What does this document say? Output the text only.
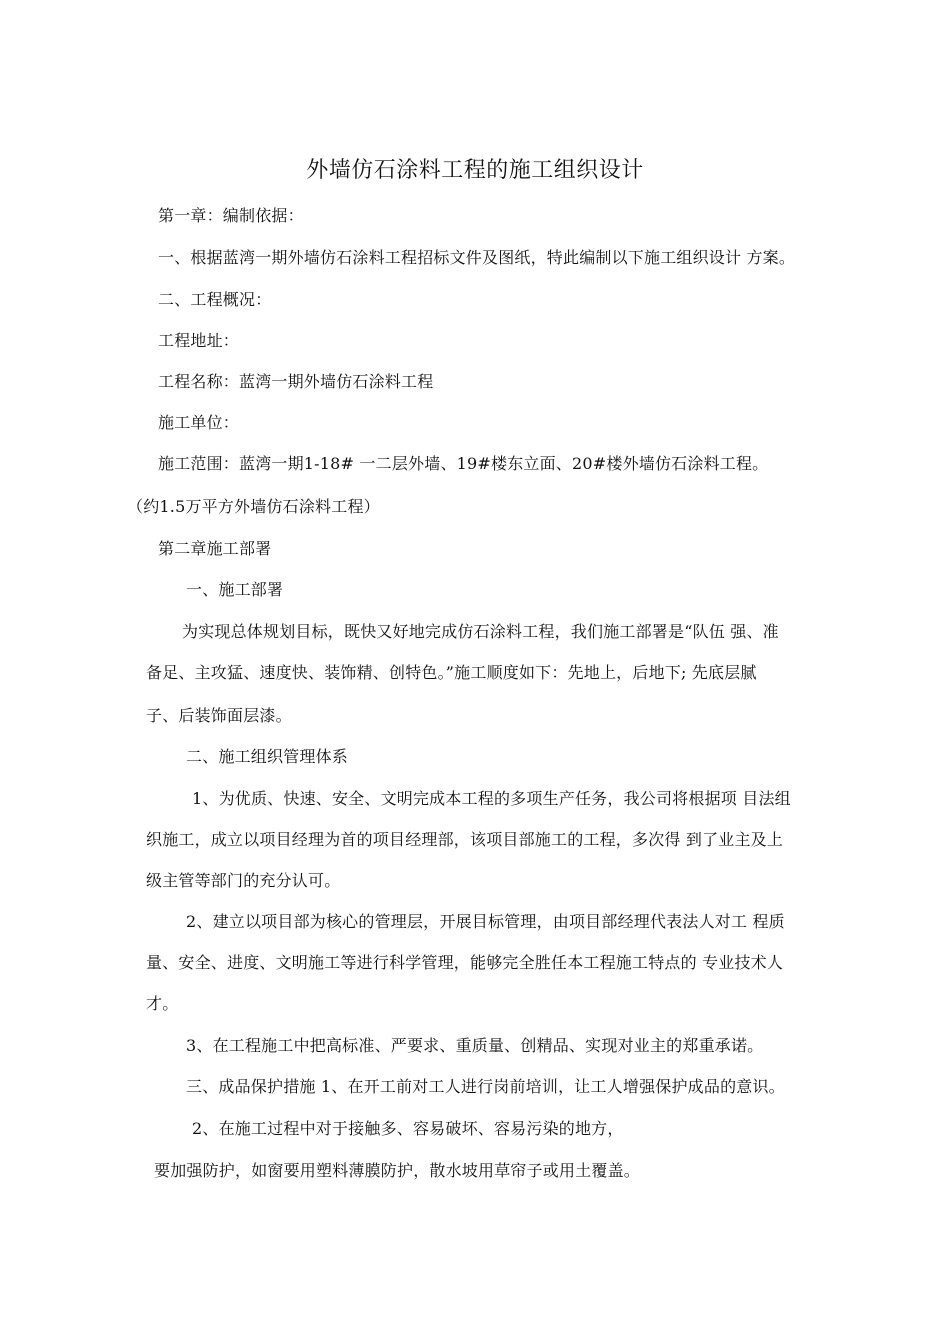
外墙仿石涂料工程的施工组织设计
第一章：编制依据：
一、根据蓝湾一期外墙仿石涂料工程招标文件及图纸，特此编制以下施工组织设计 方案。
二、工程概况：
工程地址：
工程名称：蓝湾一期外墙仿石涂料工程
施工单位：
施工范围：蓝湾一期1-18# 一二层外墙、19#楼东立面、20#楼外墙仿石涂料工程。
（约1.5万平方外墙仿石涂料工程）
第二章施工部署
一、施工部署
为实现总体规划目标，既快又好地完成仿石涂料工程，我们施工部署是“队伍 强、准
备足、主攻猛、速度快、装饰精、创特色。”施工顺度如下：先地上，后地下; 先底层腻
子、后装饰面层漆。
二、施工组织管理体系
1、为优质、快速、安全、文明完成本工程的多项生产任务，我公司将根据项 目法组
织施工，成立以项目经理为首的项目经理部，该项目部施工的工程，多次得 到了业主及上
级主管等部门的充分认可。
2、建立以项目部为核心的管理层，开展目标管理，由项目部经理代表法人对工 程质
量、安全、进度、文明施工等进行科学管理，能够完全胜任本工程施工特点的 专业技术人
才。
3、在工程施工中把高标准、严要求、重质量、创精品、实现对业主的郑重承诺。
三、成品保护措施 1、在开工前对工人进行岗前培训，让工人增强保护成品的意识。
2、在施工过程中对于接触多、容易破坏、容易污染的地方，
要加强防护，如窗要用塑料薄膜防护，散水坡用草帘子或用土覆盖。
